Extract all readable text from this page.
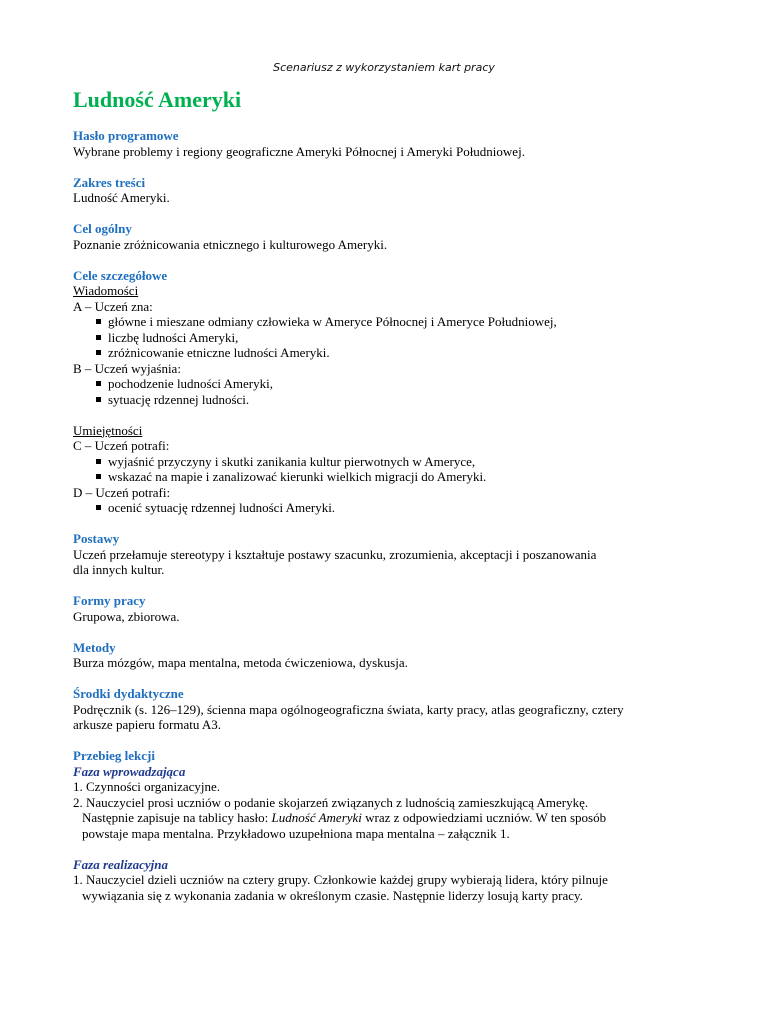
Scenariusz z wykorzystaniem kart pracy
Ludność Ameryki

Hasło programowe

Wybrane problemy i regiony geograficzne Ameryki Północnej i Ameryki Południowej.

Zakres treści

Ludność Ameryki.

Cel ogólny

Poznanie zróżnicowania etnicznego i kulturowego Ameryki.

Cele szczegółowe

Wiadomości

A – Uczeń zna:

główne i mieszane odmiany człowieka w Ameryce Północnej i Ameryce Południowej,
liczbę ludności Ameryki,
zróżnicowanie etniczne ludności Ameryki.

B – Uczeń wyjaśnia:

pochodzenie ludności Ameryki,
sytuację rdzennej ludności.

Umiejętności

C – Uczeń potrafi:

wyjaśnić przyczyny i skutki zanikania kultur pierwotnych w Ameryce,
wskazać na mapie i zanalizować kierunki wielkich migracji do Ameryki.

D – Uczeń potrafi:

ocenić sytuację rdzennej ludności Ameryki.

Postawy

Uczeń przełamuje stereotypy i kształtuje postawy szacunku, zrozumienia, akceptacji i poszanowania

dla innych kultur.

Formy pracy

Grupowa, zbiorowa.

Metody

Burza mózgów, mapa mentalna, metoda ćwiczeniowa, dyskusja.

Środki dydaktyczne

Podręcznik (s. 126–129), ścienna mapa ogólnogeograficzna świata, karty pracy, atlas geograficzny, cztery

arkusze papieru formatu A3.

Przebieg lekcji

Faza wprowadzająca

1. Czynności organizacyjne.

2. Nauczyciel prosi uczniów o podanie skojarzeń związanych z ludnością zamieszkującą Amerykę.

Następnie zapisuje na tablicy hasło: Ludność Ameryki wraz z odpowiedziami uczniów. W ten sposób

powstaje mapa mentalna. Przykładowo uzupełniona mapa mentalna – załącznik 1.

Faza realizacyjna

1. Nauczyciel dzieli uczniów na cztery grupy. Członkowie każdej grupy wybierają lidera, który pilnuje

wywiązania się z wykonania zadania w określonym czasie. Następnie liderzy losują karty pracy.
